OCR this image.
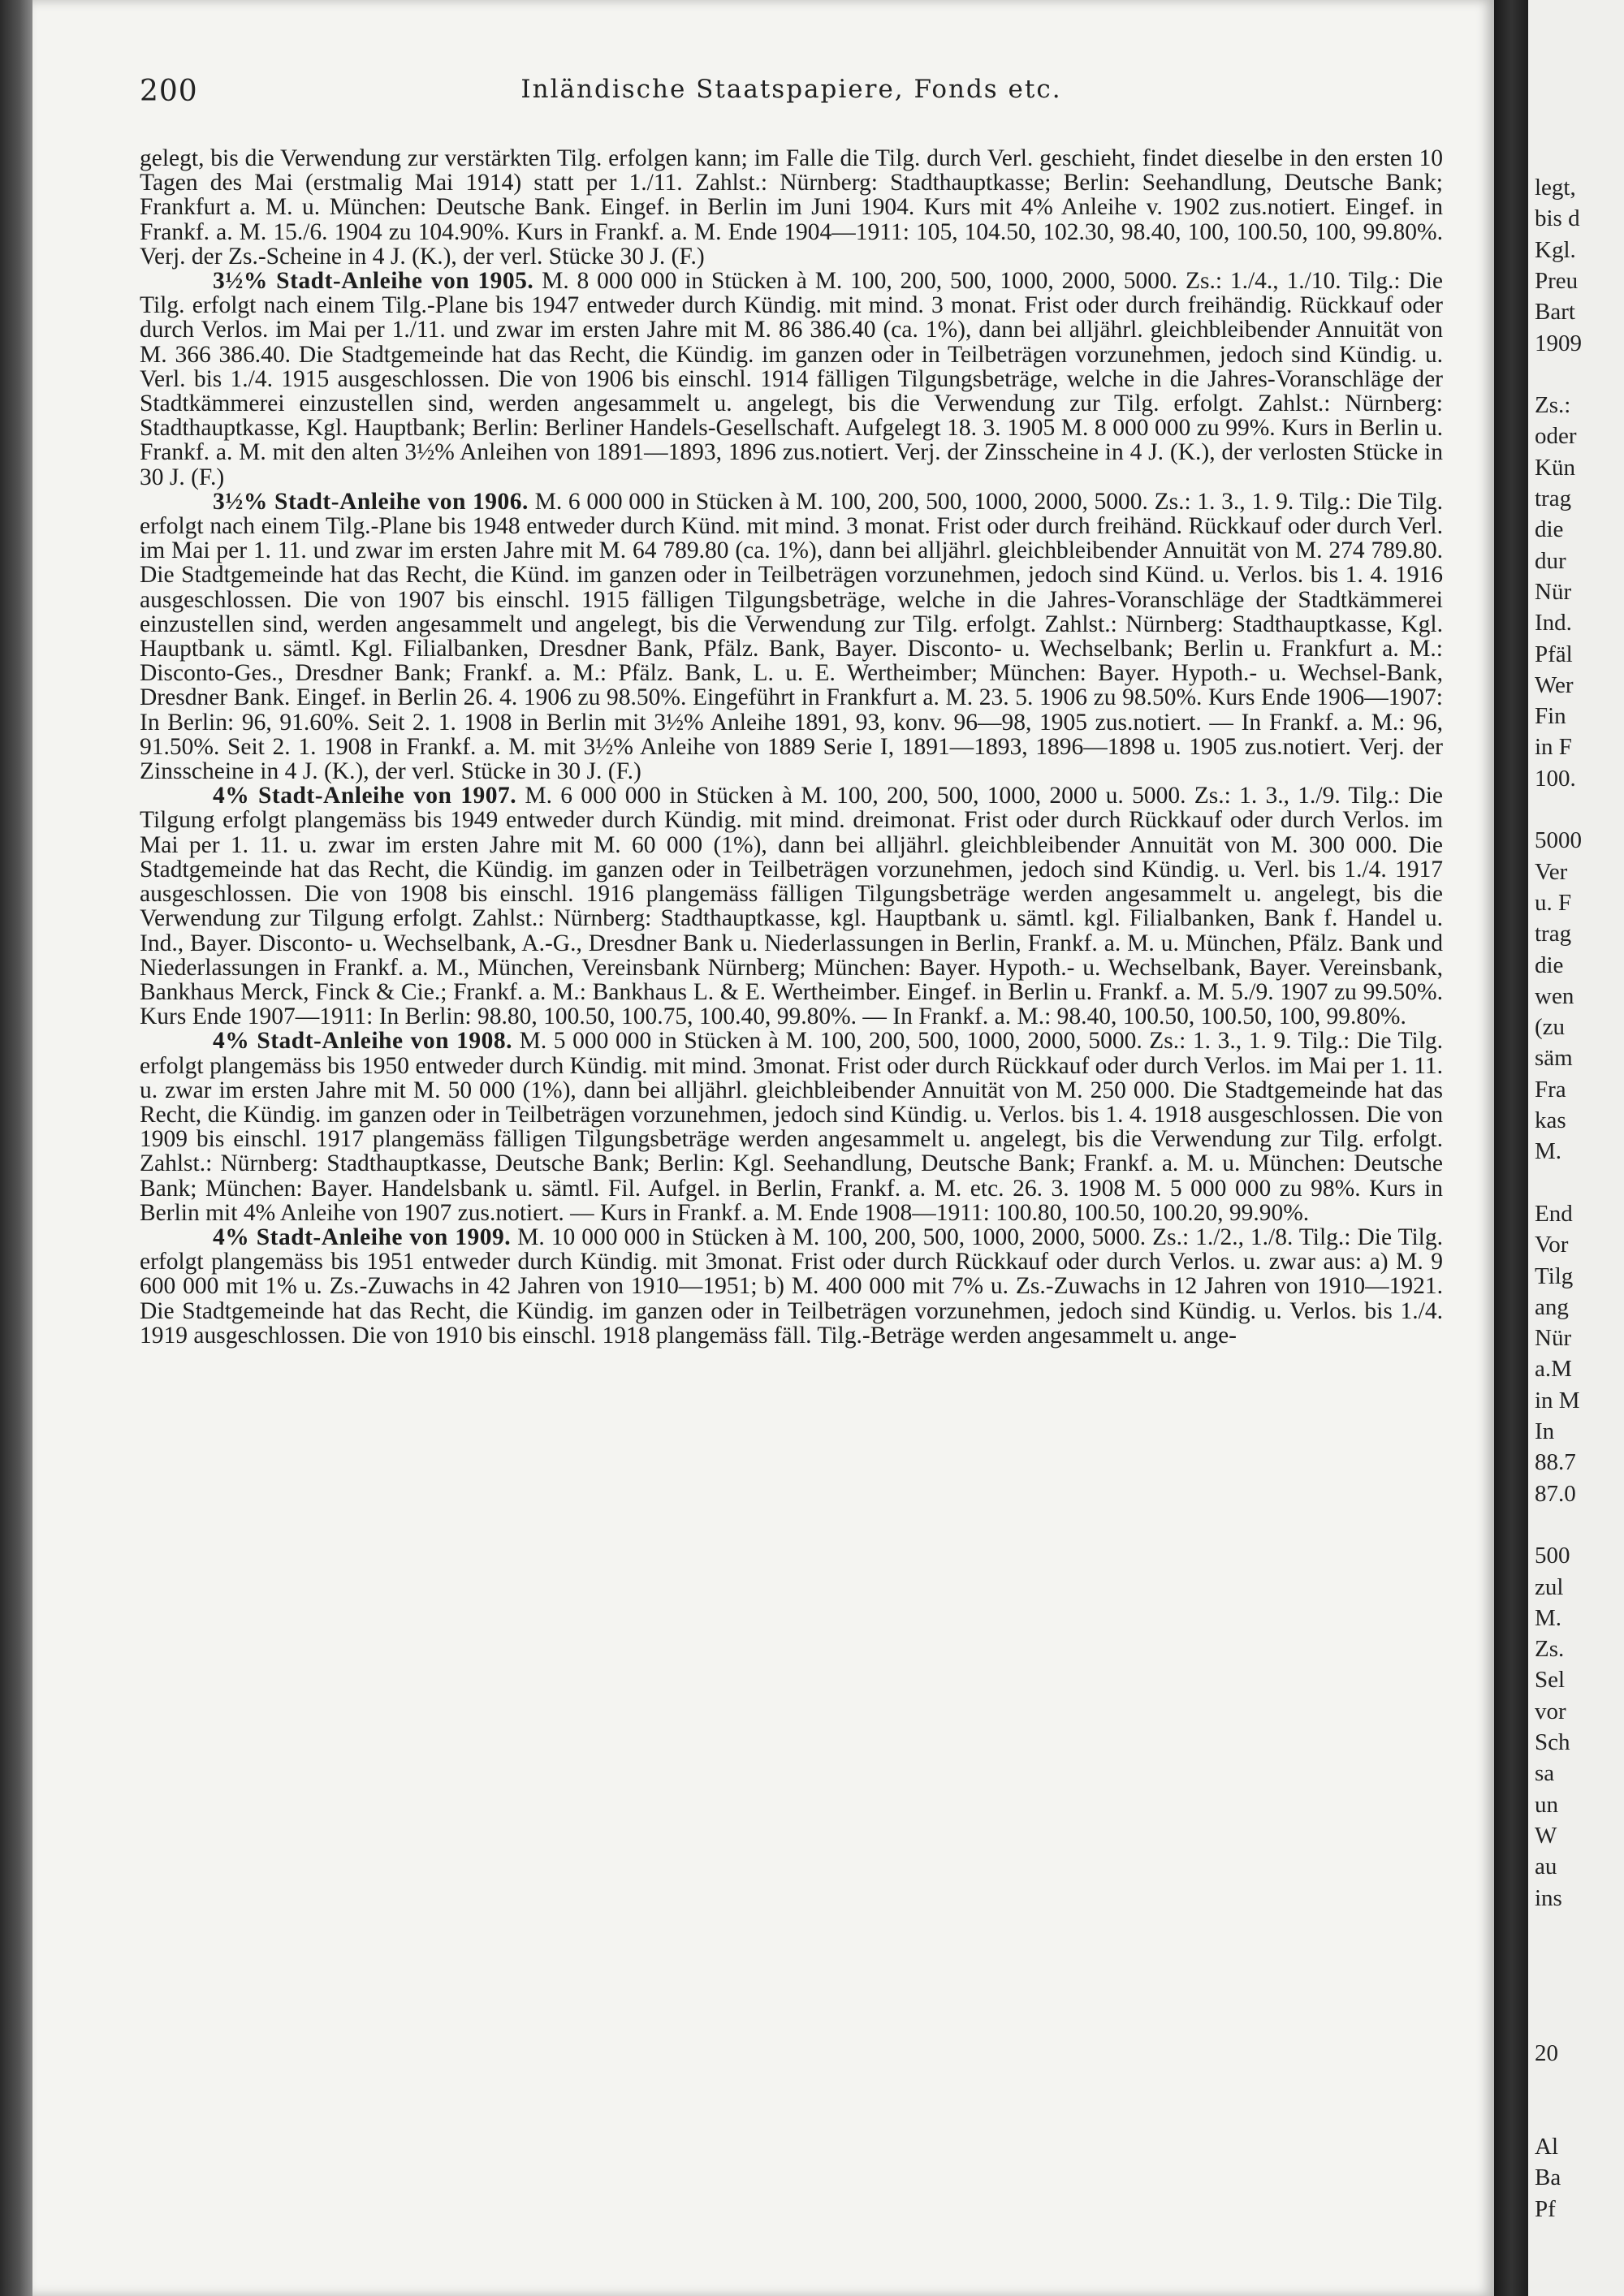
200	Inländische Staatspapiere, Fonds etc.

gelegt, bis die Verwendung zur verstärkten Tilg. erfolgen kann; im Falle die Tilg. durch Verl. geschieht, findet dieselbe in den ersten 10 Tagen des Mai (erstmalig Mai 1914) statt per 1./11. Zahlst.: Nürnberg: Stadthauptkasse; Berlin: Seehandlung, Deutsche Bank; Frankfurt a. M. u. München: Deutsche Bank. Eingef. in Berlin im Juni 1904. Kurs mit 4% Anleihe v. 1902 zus.notiert. Eingef. in Frankf. a. M. 15./6. 1904 zu 104.90%. Kurs in Frankf. a. M. Ende 1904—1911: 105, 104.50, 102.30, 98.40, 100, 100.50, 100, 99.80%. Verj. der Zs.-Scheine in 4 J. (K.), der verl. Stücke 30 J. (F.)

3½% Stadt-Anleihe von 1905. M. 8 000 000 in Stücken à M. 100, 200, 500, 1000, 2000, 5000. Zs.: 1./4., 1./10. Tilg.: Die Tilg. erfolgt nach einem Tilg.-Plane bis 1947 entweder durch Kündig. mit mind. 3 monat. Frist oder durch freihändig. Rückkauf oder durch Verlos. im Mai per 1./11. und zwar im ersten Jahre mit M. 86 386.40 (ca. 1%), dann bei alljährl. gleichbleibender Annuität von M. 366 386.40. Die Stadtgemeinde hat das Recht, die Kündig. im ganzen oder in Teilbeträgen vorzunehmen, jedoch sind Kündig. u. Verl. bis 1./4. 1915 ausgeschlossen. Die von 1906 bis einschl. 1914 fälligen Tilgungsbeträge, welche in die Jahres-Voranschläge der Stadtkämmerei einzustellen sind, werden angesammelt u. angelegt, bis die Verwendung zur Tilg. erfolgt. Zahlst.: Nürnberg: Stadthauptkasse, Kgl. Hauptbank; Berlin: Berliner Handels-Gesellschaft. Aufgelegt 18. 3. 1905 M. 8 000 000 zu 99%. Kurs in Berlin u. Frankf. a. M. mit den alten 3½% Anleihen von 1891—1893, 1896 zus.notiert. Verj. der Zinsscheine in 4 J. (K.), der verlosten Stücke in 30 J. (F.)

3½% Stadt-Anleihe von 1906. M. 6 000 000 in Stücken à M. 100, 200, 500, 1000, 2000, 5000. Zs.: 1. 3., 1. 9. Tilg.: Die Tilg. erfolgt nach einem Tilg.-Plane bis 1948 entweder durch Künd. mit mind. 3 monat. Frist oder durch freihänd. Rückkauf oder durch Verl. im Mai per 1. 11. und zwar im ersten Jahre mit M. 64 789.80 (ca. 1%), dann bei alljährl. gleichbleibender Annuität von M. 274 789.80. Die Stadtgemeinde hat das Recht, die Künd. im ganzen oder in Teilbeträgen vorzunehmen, jedoch sind Künd. u. Verlos. bis 1. 4. 1916 ausgeschlossen. Die von 1907 bis einschl. 1915 fälligen Tilgungsbeträge, welche in die Jahres-Voranschläge der Stadtkämmerei einzustellen sind, werden angesammelt und angelegt, bis die Verwendung zur Tilg. erfolgt. Zahlst.: Nürnberg: Stadthauptkasse, Kgl. Hauptbank u. sämtl. Kgl. Filialbanken, Dresdner Bank, Pfälz. Bank, Bayer. Disconto- u. Wechselbank; Berlin u. Frankfurt a. M.: Disconto-Ges., Dresdner Bank; Frankf. a. M.: Pfälz. Bank, L. u. E. Wertheimber; München: Bayer. Hypoth.- u. Wechsel-Bank, Dresdner Bank. Eingef. in Berlin 26. 4. 1906 zu 98.50%. Eingeführt in Frankfurt a. M. 23. 5. 1906 zu 98.50%. Kurs Ende 1906—1907: In Berlin: 96, 91.60%. Seit 2. 1. 1908 in Berlin mit 3½% Anleihe 1891, 93, konv. 96—98, 1905 zus.notiert. — In Frankf. a. M.: 96, 91.50%. Seit 2. 1. 1908 in Frankf. a. M. mit 3½% Anleihe von 1889 Serie I, 1891—1893, 1896—1898 u. 1905 zus.notiert. Verj. der Zinsscheine in 4 J. (K.), der verl. Stücke in 30 J. (F.)

4% Stadt-Anleihe von 1907. M. 6 000 000 in Stücken à M. 100, 200, 500, 1000, 2000 u. 5000. Zs.: 1. 3., 1./9. Tilg.: Die Tilgung erfolgt plangemäss bis 1949 entweder durch Kündig. mit mind. dreimonat. Frist oder durch Rückkauf oder durch Verlos. im Mai per 1. 11. u. zwar im ersten Jahre mit M. 60 000 (1%), dann bei alljährl. gleichbleibender Annuität von M. 300 000. Die Stadtgemeinde hat das Recht, die Kündig. im ganzen oder in Teilbeträgen vorzunehmen, jedoch sind Kündig. u. Verl. bis 1./4. 1917 ausgeschlossen. Die von 1908 bis einschl. 1916 plangemäss fälligen Tilgungsbeträge werden angesammelt u. angelegt, bis die Verwendung zur Tilgung erfolgt. Zahlst.: Nürnberg: Stadthauptkasse, kgl. Hauptbank u. sämtl. kgl. Filialbanken, Bank f. Handel u. Ind., Bayer. Disconto- u. Wechselbank, A.-G., Dresdner Bank u. Niederlassungen in Berlin, Frankf. a. M. u. München, Pfälz. Bank und Niederlassungen in Frankf. a. M., München, Vereinsbank Nürnberg; München: Bayer. Hypoth.- u. Wechselbank, Bayer. Vereinsbank, Bankhaus Merck, Finck & Cie.; Frankf. a. M.: Bankhaus L. & E. Wertheimber. Eingef. in Berlin u. Frankf. a. M. 5./9. 1907 zu 99.50%. Kurs Ende 1907—1911: In Berlin: 98.80, 100.50, 100.75, 100.40, 99.80%. — In Frankf. a. M.: 98.40, 100.50, 100.50, 100, 99.80%.

4% Stadt-Anleihe von 1908. M. 5 000 000 in Stücken à M. 100, 200, 500, 1000, 2000, 5000. Zs.: 1. 3., 1. 9. Tilg.: Die Tilg. erfolgt plangemäss bis 1950 entweder durch Kündig. mit mind. 3monat. Frist oder durch Rückkauf oder durch Verlos. im Mai per 1. 11. u. zwar im ersten Jahre mit M. 50 000 (1%), dann bei alljährl. gleichbleibender Annuität von M. 250 000. Die Stadtgemeinde hat das Recht, die Kündig. im ganzen oder in Teilbeträgen vorzunehmen, jedoch sind Kündig. u. Verlos. bis 1. 4. 1918 ausgeschlossen. Die von 1909 bis einschl. 1917 plangemäss fälligen Tilgungsbeträge werden angesammelt u. angelegt, bis die Verwendung zur Tilg. erfolgt. Zahlst.: Nürnberg: Stadthauptkasse, Deutsche Bank; Berlin: Kgl. Seehandlung, Deutsche Bank; Frankf. a. M. u. München: Deutsche Bank; München: Bayer. Handelsbank u. sämtl. Fil. Aufgel. in Berlin, Frankf. a. M. etc. 26. 3. 1908 M. 5 000 000 zu 98%. Kurs in Berlin mit 4% Anleihe von 1907 zus.notiert. — Kurs in Frankf. a. M. Ende 1908—1911: 100.80, 100.50, 100.20, 99.90%.

4% Stadt-Anleihe von 1909. M. 10 000 000 in Stücken à M. 100, 200, 500, 1000, 2000, 5000. Zs.: 1./2., 1./8. Tilg.: Die Tilg. erfolgt plangemäss bis 1951 entweder durch Kündig. mit 3monat. Frist oder durch Rückkauf oder durch Verlos. u. zwar aus: a) M. 9 600 000 mit 1% u. Zs.-Zuwachs in 42 Jahren von 1910—1951; b) M. 400 000 mit 7% u. Zs.-Zuwachs in 12 Jahren von 1910—1921. Die Stadtgemeinde hat das Recht, die Kündig. im ganzen oder in Teilbeträgen vorzunehmen, jedoch sind Kündig. u. Verlos. bis 1./4. 1919 ausgeschlossen. Die von 1910 bis einschl. 1918 plangemäss fäll. Tilg.-Beträge werden angesammelt u. ange-

legt,
bis d
Kgl.
Preu
Bart
1909
Zs.:
oder
Kün
trag
die
dur
Nür
Ind.
Pfäl
Wer
Fin
in F
100.
5000
Ver
u. F
trag
die
wen
(zu
säm
Fra
kas
M.
End
Vor
Tilg
ang
Nür
a.M
in M
In
88.7
87.0
500
zul
M.
Zs.
Sel
vor
Sch
sa
un
W
au
ins
20
Al
Ba
Pf
